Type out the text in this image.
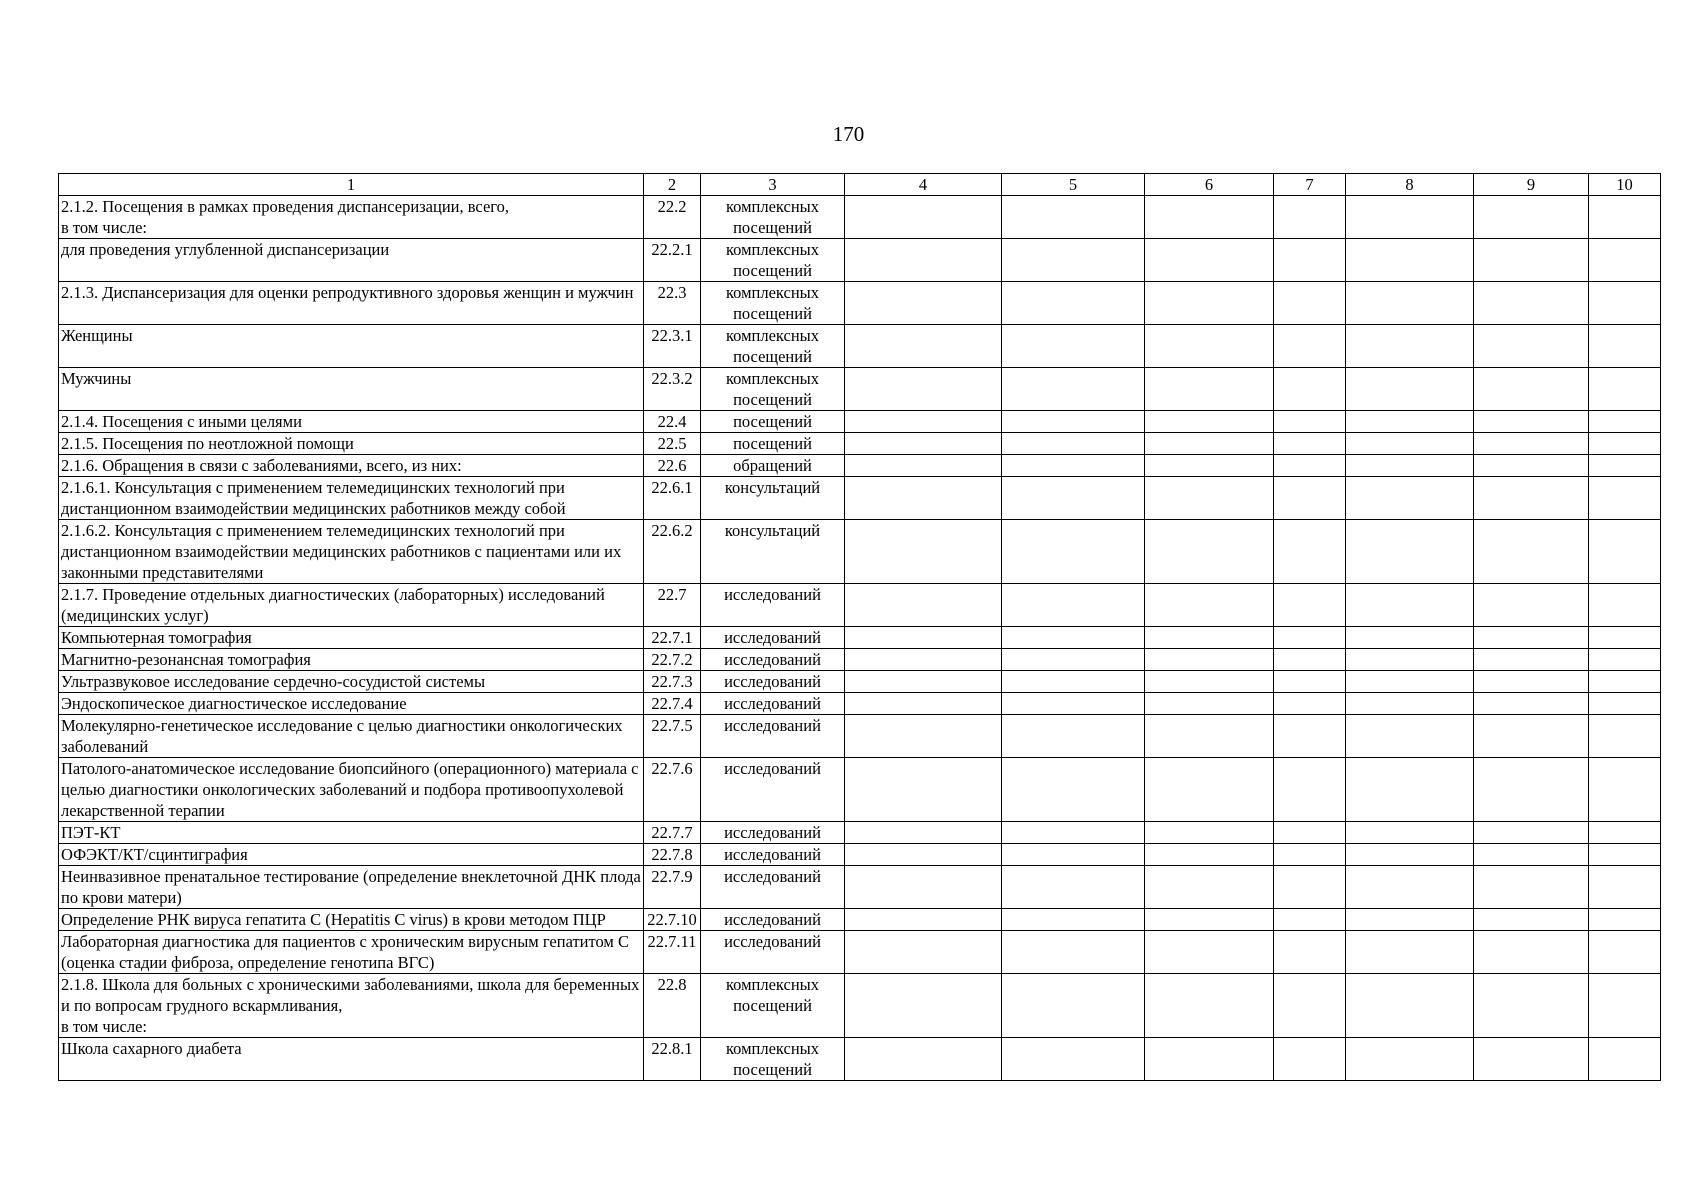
170
1	2	3	4	5	6	7	8	9	10
2.1.2. Посещения в рамках проведения диспансеризации, всего,
в том числе:	22.2	комплексных посещений							
для проведения углубленной диспансеризации	22.2.1	комплексных посещений							
2.1.3. Диспансеризация для оценки репродуктивного здоровья женщин и мужчин	22.3	комплексных посещений							
Женщины	22.3.1	комплексных посещений							
Мужчины	22.3.2	комплексных посещений							
2.1.4. Посещения с иными целями	22.4	посещений							
2.1.5. Посещения по неотложной помощи	22.5	посещений							
2.1.6. Обращения в связи с заболеваниями, всего, из них:	22.6	обращений							
2.1.6.1. Консультация с применением телемедицинских технологий при дистанционном взаимодействии медицинских работников между собой	22.6.1	консультаций							
2.1.6.2. Консультация с применением телемедицинских технологий при дистанционном взаимодействии медицинских работников с пациентами или их законными представителями	22.6.2	консультаций							
2.1.7. Проведение отдельных диагностических (лабораторных) исследований (медицинских услуг)	22.7	исследований							
Компьютерная томография	22.7.1	исследований							
Магнитно-резонансная томография	22.7.2	исследований							
Ультразвуковое исследование сердечно-сосудистой системы	22.7.3	исследований							
Эндоскопическое диагностическое исследование	22.7.4	исследований							
Молекулярно-генетическое исследование с целью диагностики онкологических заболеваний	22.7.5	исследований							
Патолого-анатомическое исследование биопсийного (операционного) материала с целью диагностики онкологических заболеваний и подбора противоопухолевой лекарственной терапии	22.7.6	исследований							
ПЭТ-КТ	22.7.7	исследований							
ОФЭКТ/КТ/сцинтиграфия	22.7.8	исследований							
Неинвазивное пренатальное тестирование (определение внеклеточной ДНК плода по крови матери)	22.7.9	исследований							
Определение РНК вируса гепатита С (Hepatitis C virus) в крови методом ПЦР	22.7.10	исследований							
Лабораторная диагностика для пациентов с хроническим вирусным гепатитом С (оценка стадии фиброза, определение генотипа ВГС)	22.7.11	исследований							
2.1.8. Школа для больных с хроническими заболеваниями, школа для беременных и по вопросам грудного вскармливания,
в том числе:	22.8	комплексных посещений							
Школа сахарного диабета	22.8.1	комплексных посещений							
